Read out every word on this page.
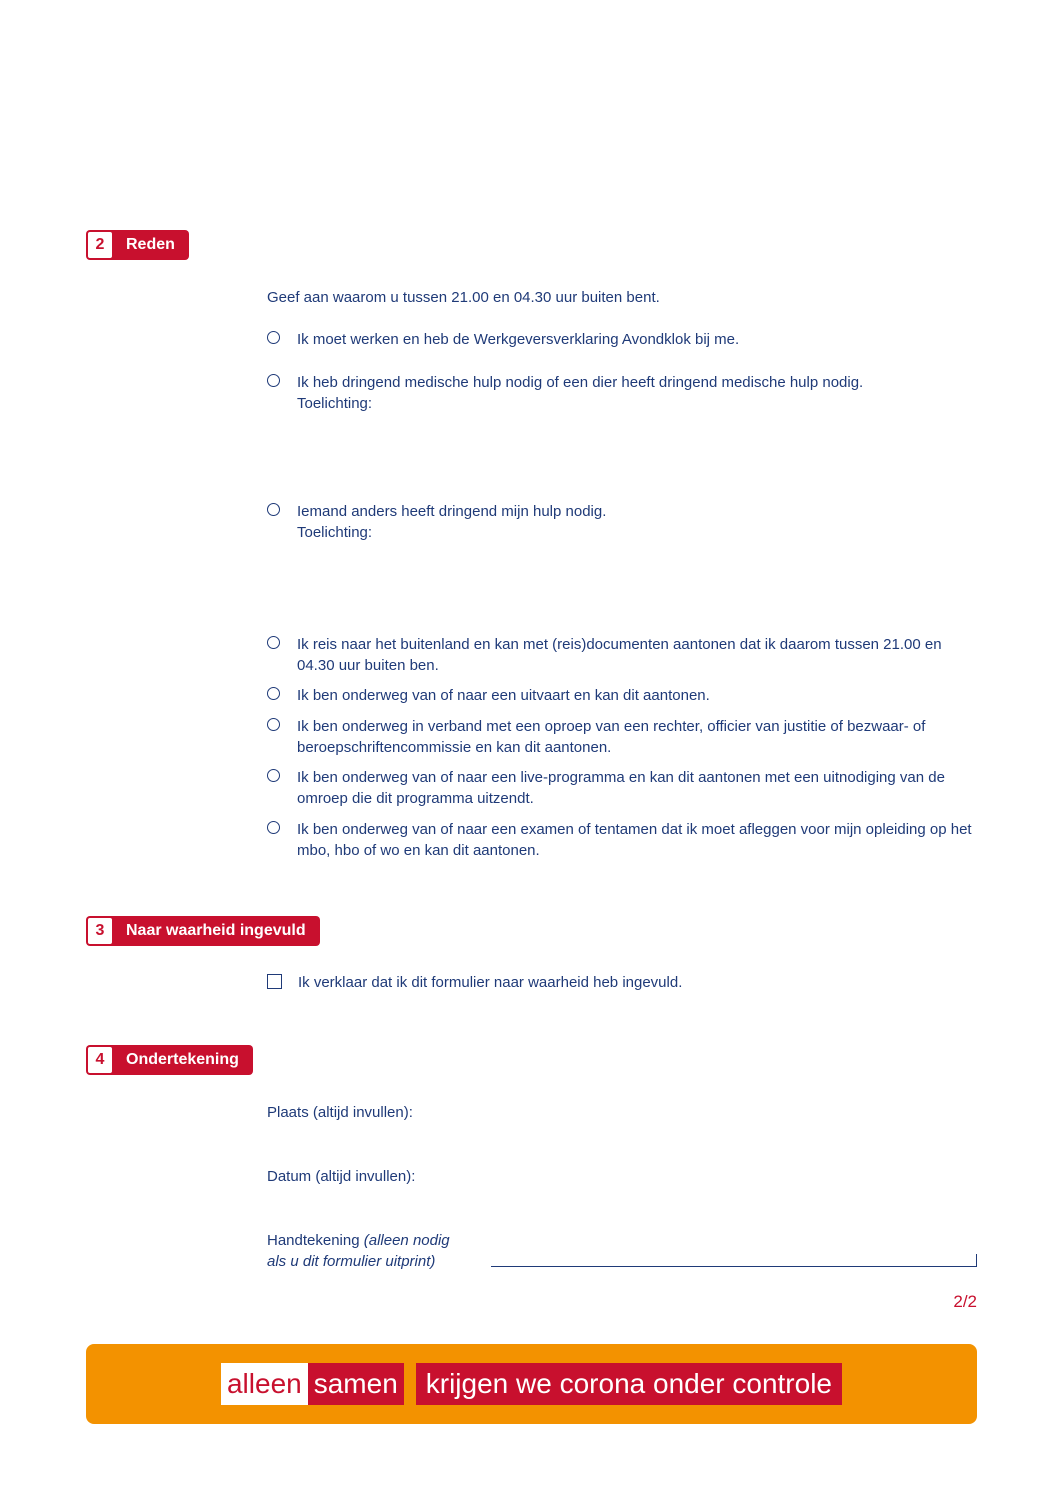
2	Reden
Geef aan waarom u tussen 21.00 en 04.30 uur buiten bent.
Ik moet werken en heb de Werkgeversverklaring Avondklok bij me.
Ik heb dringend medische hulp nodig of een dier heeft dringend medische hulp nodig.
Toelichting:
Iemand anders heeft dringend mijn hulp nodig.
Toelichting:
Ik reis naar het buitenland en kan met (reis)documenten aantonen dat ik daarom tussen 21.00 en 04.30 uur buiten ben.
Ik ben onderweg van of naar een uitvaart en kan dit aantonen.
Ik ben onderweg in verband met een oproep van een rechter, officier van justitie of bezwaar- of beroepschriftencommissie en kan dit aantonen.
Ik ben onderweg van of naar een live-programma en kan dit aantonen met een uitnodiging van de omroep die dit programma uitzendt.
Ik ben onderweg van of naar een examen of tentamen dat ik moet afleggen voor mijn opleiding op het mbo, hbo of wo en kan dit aantonen.
3	Naar waarheid ingevuld
Ik verklaar dat ik dit formulier naar waarheid heb ingevuld.
4	Ondertekening
Plaats (altijd invullen):
Datum (altijd invullen):
Handtekening (alleen nodig
als u dit formulier uitprint)
2/2
alleen samen	krijgen we corona onder controle
